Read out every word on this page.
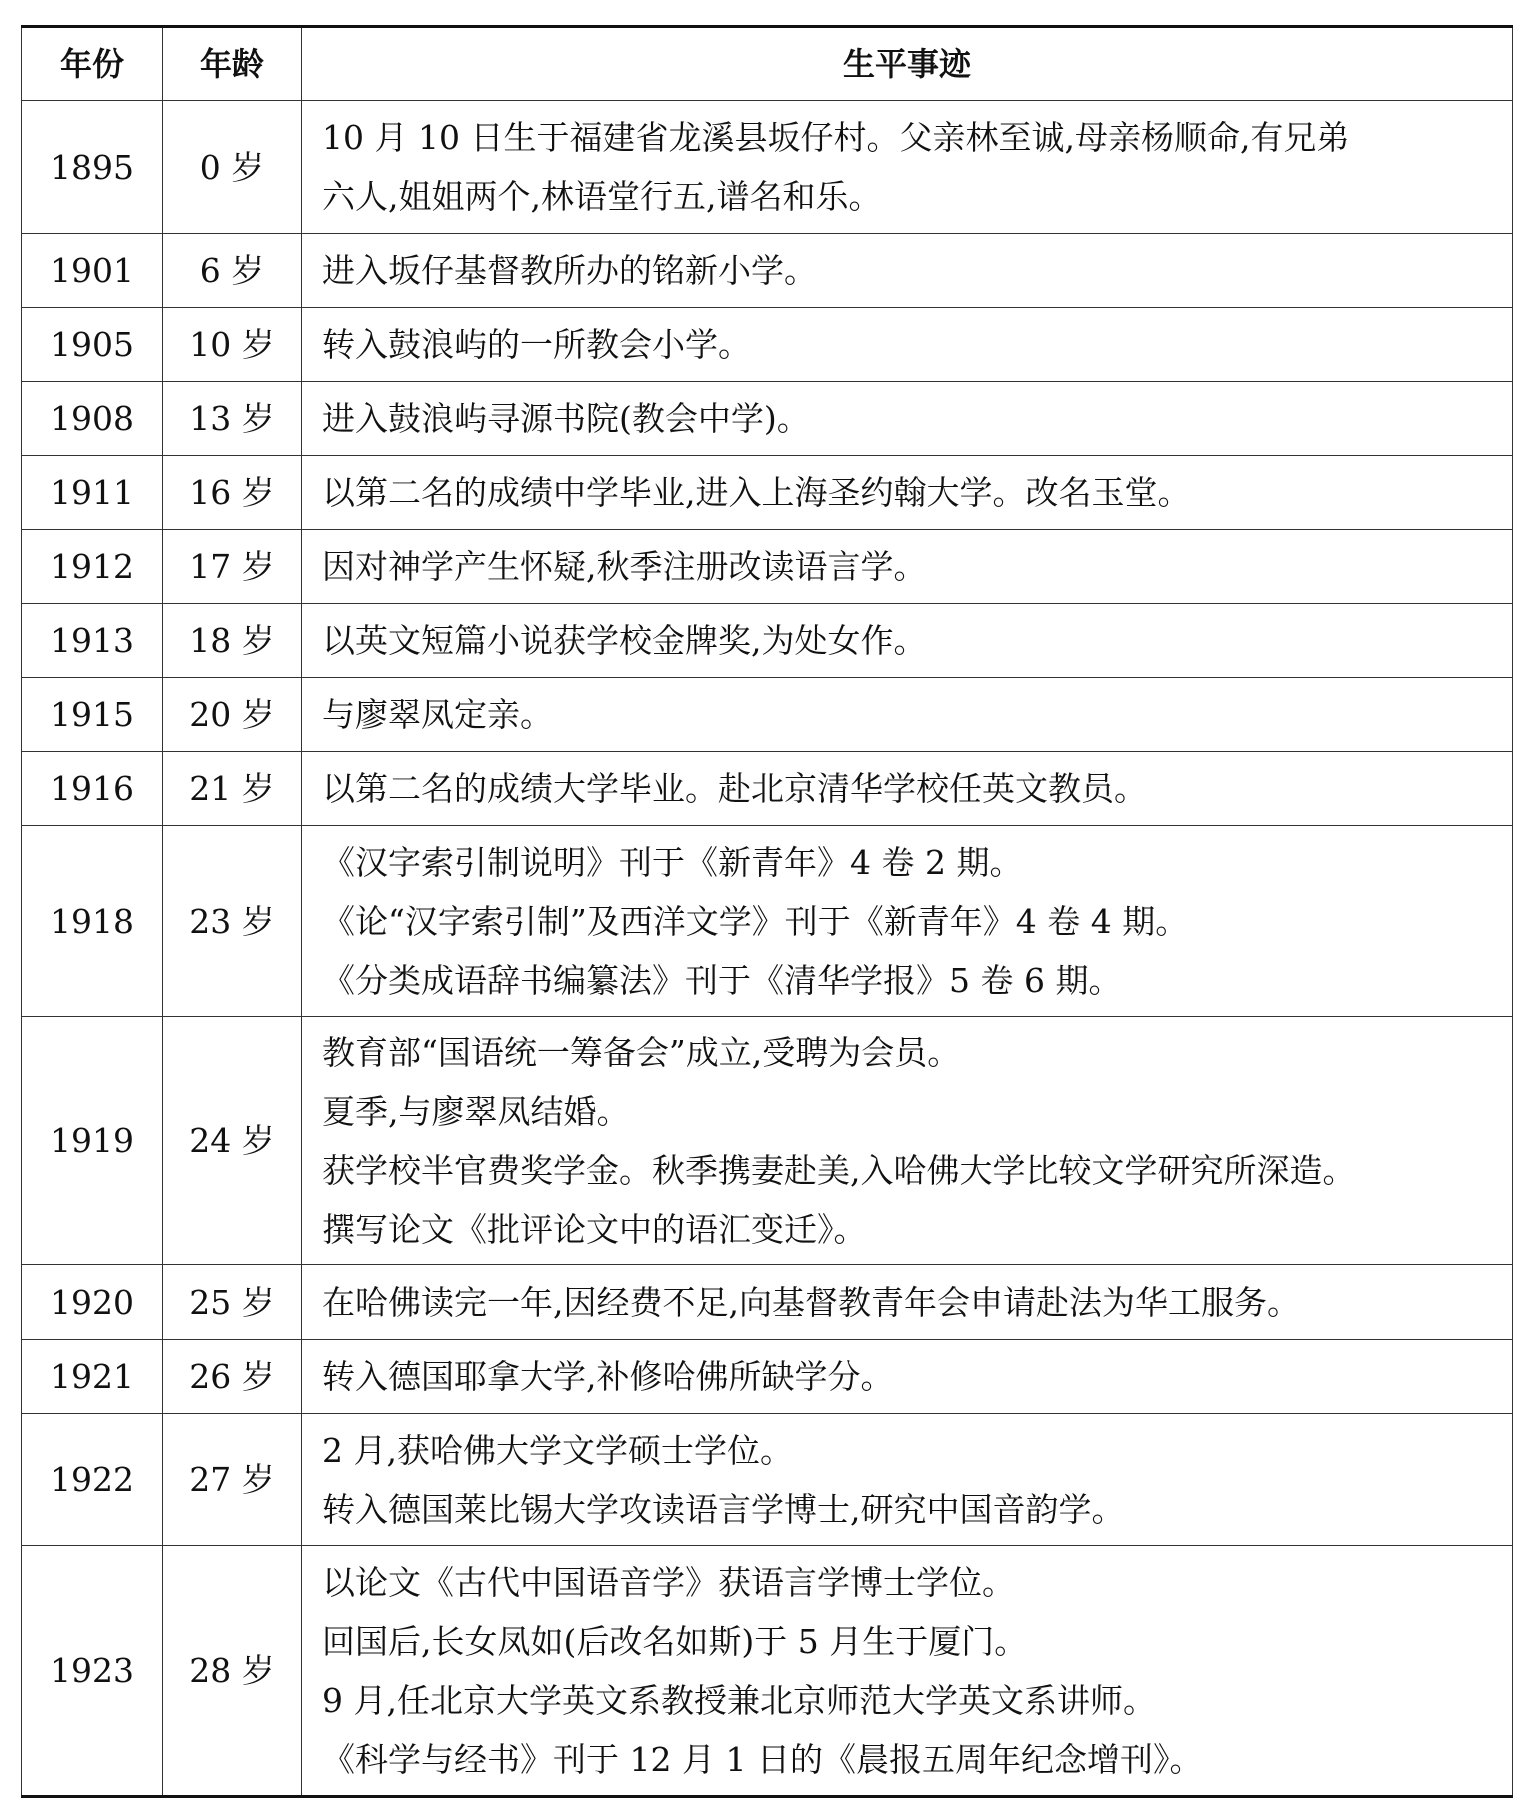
年份	年龄	生平事迹
1895	0 岁	10 月 10 日生于福建省龙溪县坂仔村。父亲林至诚,母亲杨顺命,有兄弟
六人,姐姐两个,林语堂行五,谱名和乐。

1901	6 岁	进入坂仔基督教所办的铭新小学。

1905	10 岁	转入鼓浪屿的一所教会小学。

1908	13 岁	进入鼓浪屿寻源书院(教会中学)。

1911	16 岁	以第二名的成绩中学毕业,进入上海圣约翰大学。改名玉堂。

1912	17 岁	因对神学产生怀疑,秋季注册改读语言学。

1913	18 岁	以英文短篇小说获学校金牌奖,为处女作。

1915	20 岁	与廖翠凤定亲。

1916	21 岁	以第二名的成绩大学毕业。赴北京清华学校任英文教员。

1918	23 岁	《汉字索引制说明》刊于《新青年》4 卷 2 期。
《论“汉字索引制”及西洋文学》刊于《新青年》4 卷 4 期。
《分类成语辞书编纂法》刊于《清华学报》5 卷 6 期。

1919	24 岁	教育部“国语统一筹备会”成立,受聘为会员。
夏季,与廖翠凤结婚。
获学校半官费奖学金。秋季携妻赴美,入哈佛大学比较文学研究所深造。
撰写论文《批评论文中的语汇变迁》。

1920	25 岁	在哈佛读完一年,因经费不足,向基督教青年会申请赴法为华工服务。

1921	26 岁	转入德国耶拿大学,补修哈佛所缺学分。

1922	27 岁	2 月,获哈佛大学文学硕士学位。
转入德国莱比锡大学攻读语言学博士,研究中国音韵学。

1923	28 岁	以论文《古代中国语音学》获语言学博士学位。
回国后,长女凤如(后改名如斯)于 5 月生于厦门。
9 月,任北京大学英文系教授兼北京师范大学英文系讲师。
《科学与经书》刊于 12 月 1 日的《晨报五周年纪念增刊》。
